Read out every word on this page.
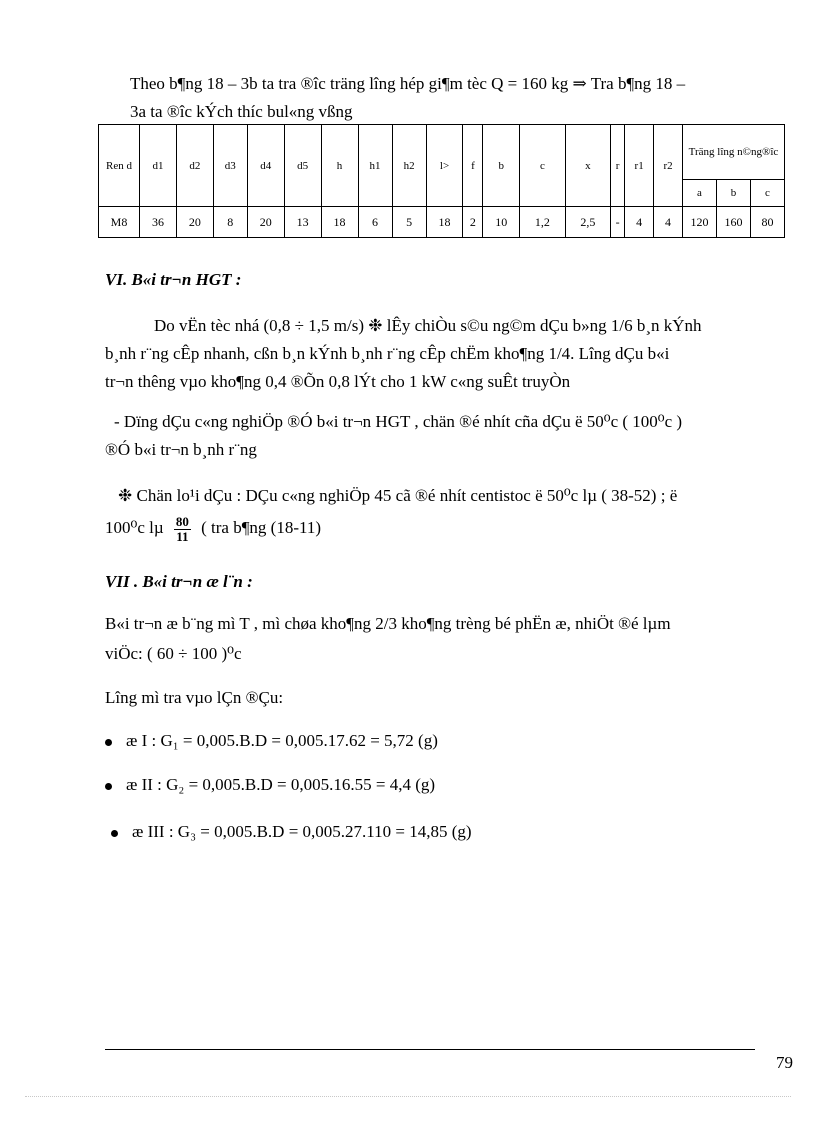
Theo b¶ng 18 – 3b ta tra ®îc träng lîng hép gi¶m tèc Q = 160 kg ⇒ Tra b¶ng 18 –
3a ta ®îc kÝch thíc bul«ng vßng
Ren d	d1	d2	d3	d4	d5	h	h1	h2	l>	f	b	c	x	r	r1	r2	Träng lîng n©ng®îc		
																	a	b	c
M8	36	20	8	20	13	18	6	5	18	2	10	1,2	2,5	-	4	4	120	160	80
VI. B«i tr¬n HGT :
Do vËn tèc nhá (0,8 ÷ 1,5 m/s) ❉ lÊy chiÒu s©u ng©m dÇu b»ng 1/6 b¸n kÝnh
b¸nh r¨ng cÊp nhanh, cßn b¸n kÝnh b¸nh r¨ng cÊp chËm kho¶ng 1/4. Lîng dÇu b«i
tr¬n thêng vµo kho¶ng 0,4 ®Õn 0,8 lÝt cho 1 kW c«ng suÊt truyÒn
- Dïng dÇu c«ng nghiÖp ®Ó b«i tr¬n HGT , chän ®é nhít cña dÇu ë 50⁰c ( 100⁰c )
®Ó b«i tr¬n b¸nh r¨ng
❉ Chän lo¹i dÇu : DÇu c«ng nghiÖp 45 cã ®é nhít centistoc ë 50⁰c lµ ( 38-52) ; ë
100⁰c lµ $\frac{80}{11}$ ( tra b¶ng (18-11)
VII . B«i tr¬n æ l¨n :
B«i tr¬n æ b¨ng mì T , mì chøa kho¶ng 2/3 kho¶ng trèng bé phËn æ, nhiÖt ®é lµm
viÖc: ( 60 ÷ 100 )⁰c
Lîng mì tra vµo lÇn ®Çu:
æ I : G₁ = 0,005.B.D = 0,005.17.62 = 5,72 (g)
æ II : G₂ = 0,005.B.D = 0,005.16.55 = 4,4 (g)
æ III : G₃ = 0,005.B.D = 0,005.27.110 = 14,85 (g)
79
